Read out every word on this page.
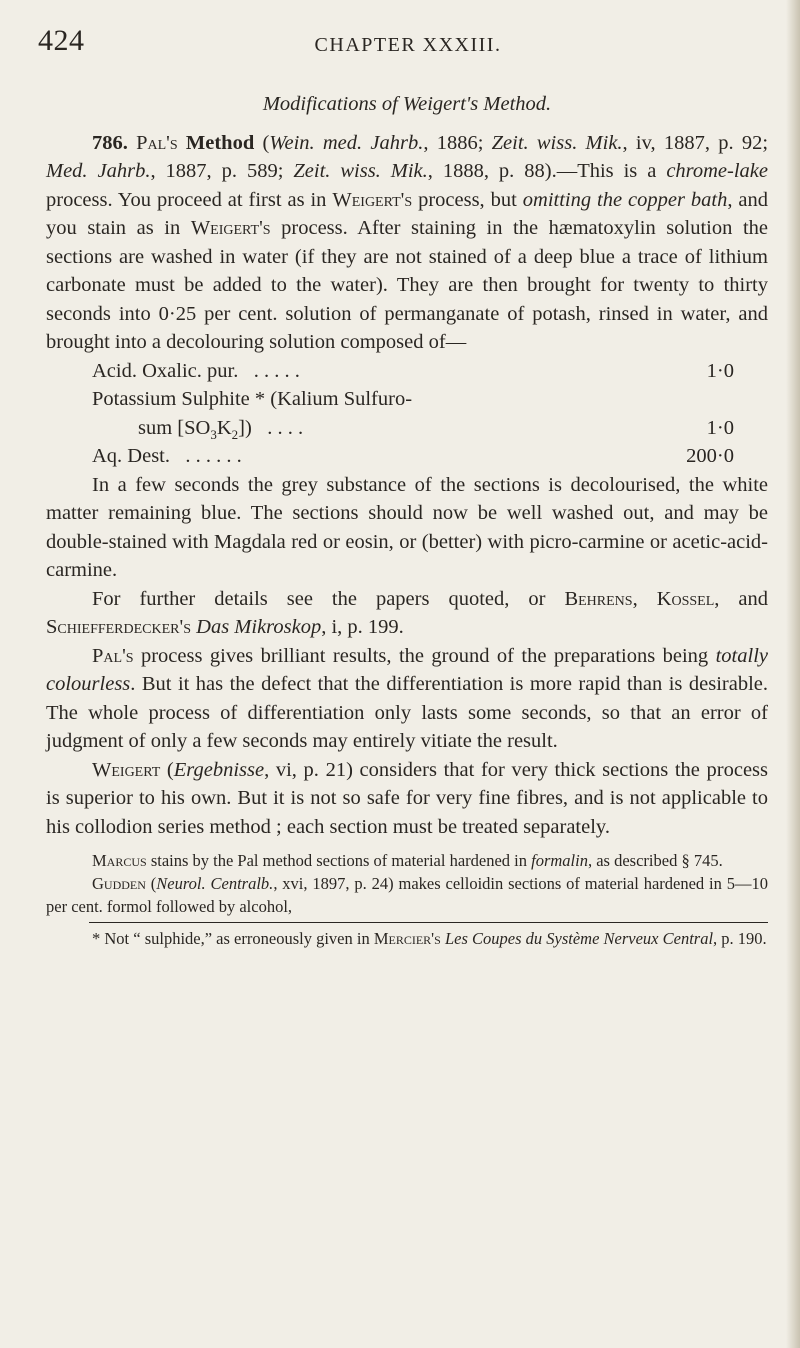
424	CHAPTER XXXIII.
Modifications of Weigert's Method.

786. Pal's Method (Wein. med. Jahrb., 1886; Zeit. wiss. Mik., iv, 1887, p. 92; Med. Jahrb., 1887, p. 589; Zeit. wiss. Mik., 1888, p. 88).—This is a chrome-lake process. You proceed at first as in Weigert's process, but omitting the copper bath, and you stain as in Weigert's process. After staining in the hæmatoxylin solution the sections are washed in water (if they are not stained of a deep blue a trace of lithium carbonate must be added to the water). They are then brought for twenty to thirty seconds into 0·25 per cent. solution of permanganate of potash, rinsed in water, and brought into a decolouring solution composed of—

Acid. Oxalic. pur. . . . . .	1·0
Potassium Sulphite * (Kalium Sulfuro-
sum $[SO_3K_2]$) . . . .	1·0
Aq. Dest. . . . . . .	200·0

In a few seconds the grey substance of the sections is decolourised, the white matter remaining blue. The sections should now be well washed out, and may be double-stained with Magdala red or eosin, or (better) with picro-carmine or acetic-acid-carmine.

For further details see the papers quoted, or Behrens, Kossel, and Schiefferdecker's Das Mikroskop, i, p. 199.

Pal's process gives brilliant results, the ground of the preparations being totally colourless. But it has the defect that the differentiation is more rapid than is desirable. The whole process of differentiation only lasts some seconds, so that an error of judgment of only a few seconds may entirely vitiate the result.

Weigert (Ergebnisse, vi, p. 21) considers that for very thick sections the process is superior to his own. But it is not so safe for very fine fibres, and is not applicable to his collodion series method ; each section must be treated separately.

Marcus stains by the Pal method sections of material hardened in formalin, as described § 745.

Gudden (Neurol. Centralb., xvi, 1897, p. 24) makes celloidin sections of material hardened in 5—10 per cent. formol followed by alcohol,

* Not “ sulphide,” as erroneously given in Mercier's Les Coupes du Système Nerveux Central, p. 190.
